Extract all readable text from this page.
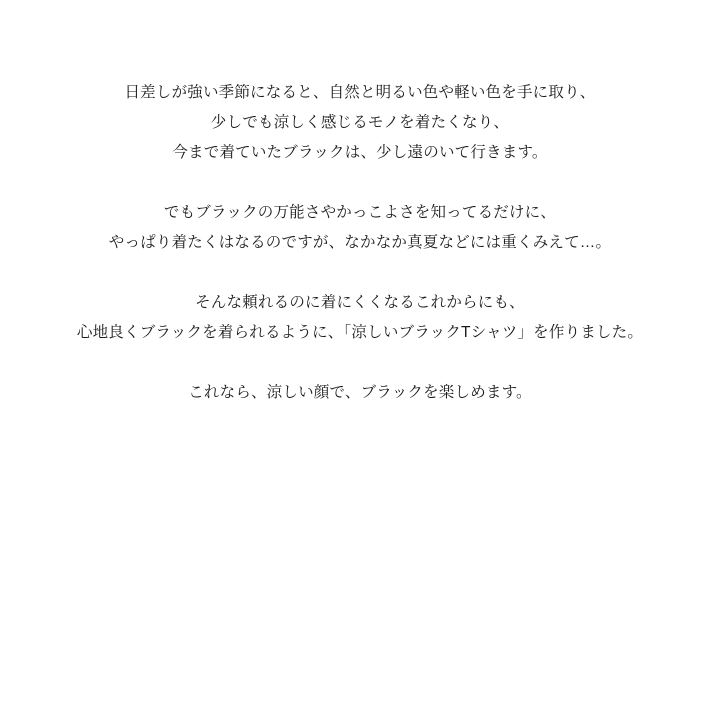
日差しが強い季節になると、自然と明るい色や軽い色を手に取り、
少しでも涼しく感じるモノを着たくなり、
今まで着ていたブラックは、少し遠のいて行きます。
でもブラックの万能さやかっこよさを知ってるだけに、
やっぱり着たくはなるのですが、なかなか真夏などには重くみえて…。
そんな頼れるのに着にくくなるこれからにも、
心地良くブラックを着られるように、「涼しいブラックTシャツ」を作りました。
これなら、涼しい顔で、ブラックを楽しめます。
